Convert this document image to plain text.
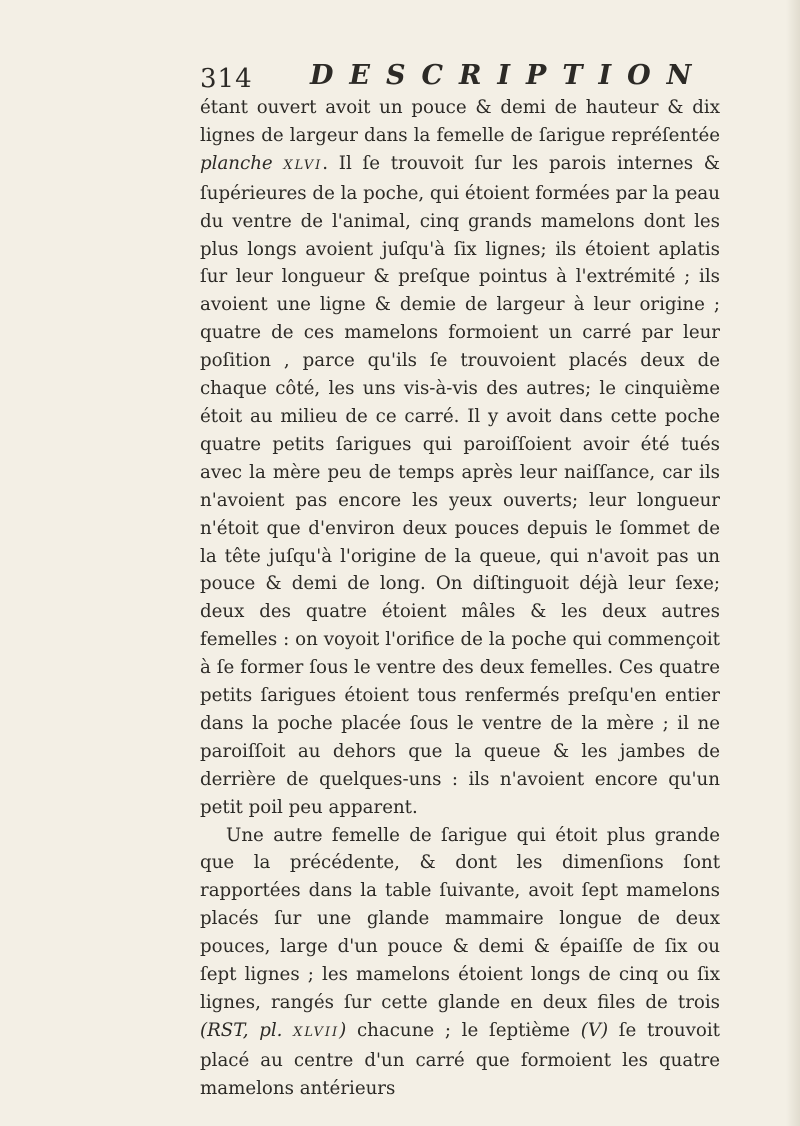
314 DESCRIPTION

étant ouvert avoit un pouce & demi de hauteur & dix lignes de largeur dans la femelle de ſarigue repréſentée planche XLVI. Il ſe trouvoit ſur les parois internes & ſupérieures de la poche, qui étoient formées par la peau du ventre de l'animal, cinq grands mamelons dont les plus longs avoient juſqu'à ſix lignes; ils étoient aplatis ſur leur longueur & preſque pointus à l'extrémité ; ils avoient une ligne & demie de largeur à leur origine ; quatre de ces mamelons formoient un carré par leur poſition , parce qu'ils ſe trouvoient placés deux de chaque côté, les uns vis-à-vis des autres; le cinquième étoit au milieu de ce carré. Il y avoit dans cette poche quatre petits ſarigues qui paroiſſoient avoir été tués avec la mère peu de temps après leur naiſſance, car ils n'avoient pas encore les yeux ouverts; leur longueur n'étoit que d'environ deux pouces depuis le ſommet de la tête juſqu'à l'origine de la queue, qui n'avoit pas un pouce & demi de long. On diſtinguoit déjà leur ſexe; deux des quatre étoient mâles & les deux autres femelles : on voyoit l'orifice de la poche qui commençoit à ſe former ſous le ventre des deux femelles. Ces quatre petits ſarigues étoient tous renfermés preſqu'en entier dans la poche placée ſous le ventre de la mère ; il ne paroiſſoit au dehors que la queue & les jambes de derrière de quelques-uns : ils n'avoient encore qu'un petit poil peu apparent.

Une autre femelle de ſarigue qui étoit plus grande que la précédente, & dont les dimenſions ſont rapportées dans la table ſuivante, avoit ſept mamelons placés ſur une glande mammaire longue de deux pouces, large d'un pouce & demi & épaiſſe de ſix ou ſept lignes ; les mamelons étoient longs de cinq ou ſix lignes, rangés ſur cette glande en deux files de trois (RST, pl. XLVII) chacune ; le ſeptième (V) ſe trouvoit placé au centre d'un carré que formoient les quatre mamelons antérieurs
